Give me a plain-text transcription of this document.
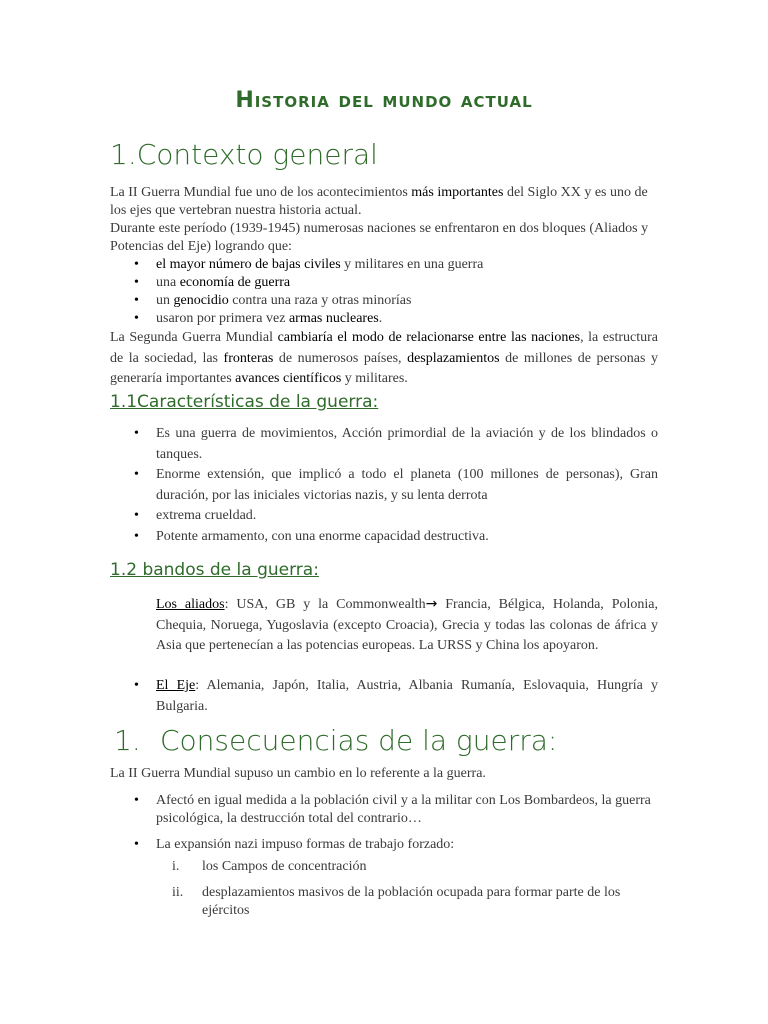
Historia del mundo actual
1.Contexto general
La II Guerra Mundial fue uno de los acontecimientos más importantes del Siglo XX y es uno de los ejes que vertebran nuestra historia actual.
Durante este período (1939-1945) numerosas naciones se enfrentaron en dos bloques (Aliados y Potencias del Eje) logrando que:
• el mayor número de bajas civiles y militares en una guerra
• una economía de guerra
• un genocidio contra una raza y otras minorías
• usaron por primera vez armas nucleares.
La Segunda Guerra Mundial cambiaría el modo de relacionarse entre las naciones, la estructura de la sociedad, las fronteras de numerosos países, desplazamientos de millones de personas y generaría importantes avances científicos y militares.
1.1Características de la guerra:
• Es una guerra de movimientos, Acción primordial de la aviación y de los blindados o tanques.
• Enorme extensión, que implicó a todo el planeta (100 millones de personas), Gran duración, por las iniciales victorias nazis, y su lenta derrota
• extrema crueldad.
• Potente armamento, con una enorme capacidad destructiva.
1.2 bandos de la guerra:
Los aliados: USA, GB y la Commonwealth→ Francia, Bélgica, Holanda, Polonia, Chequia, Noruega, Yugoslavia (excepto Croacia), Grecia y todas las colonas de áfrica y Asia que pertenecían a las potencias europeas. La URSS y China los apoyaron.
• El Eje: Alemania, Japón, Italia, Austria, Albania Rumanía, Eslovaquia, Hungría y Bulgaria.
1. Consecuencias de la guerra:
La II Guerra Mundial supuso un cambio en lo referente a la guerra.
• Afectó en igual medida a la población civil y a la militar con Los Bombardeos, la guerra psicológica, la destrucción total del contrario…
• La expansión nazi impuso formas de trabajo forzado:
i. los Campos de concentración
ii. desplazamientos masivos de la población ocupada para formar parte de los ejércitos
